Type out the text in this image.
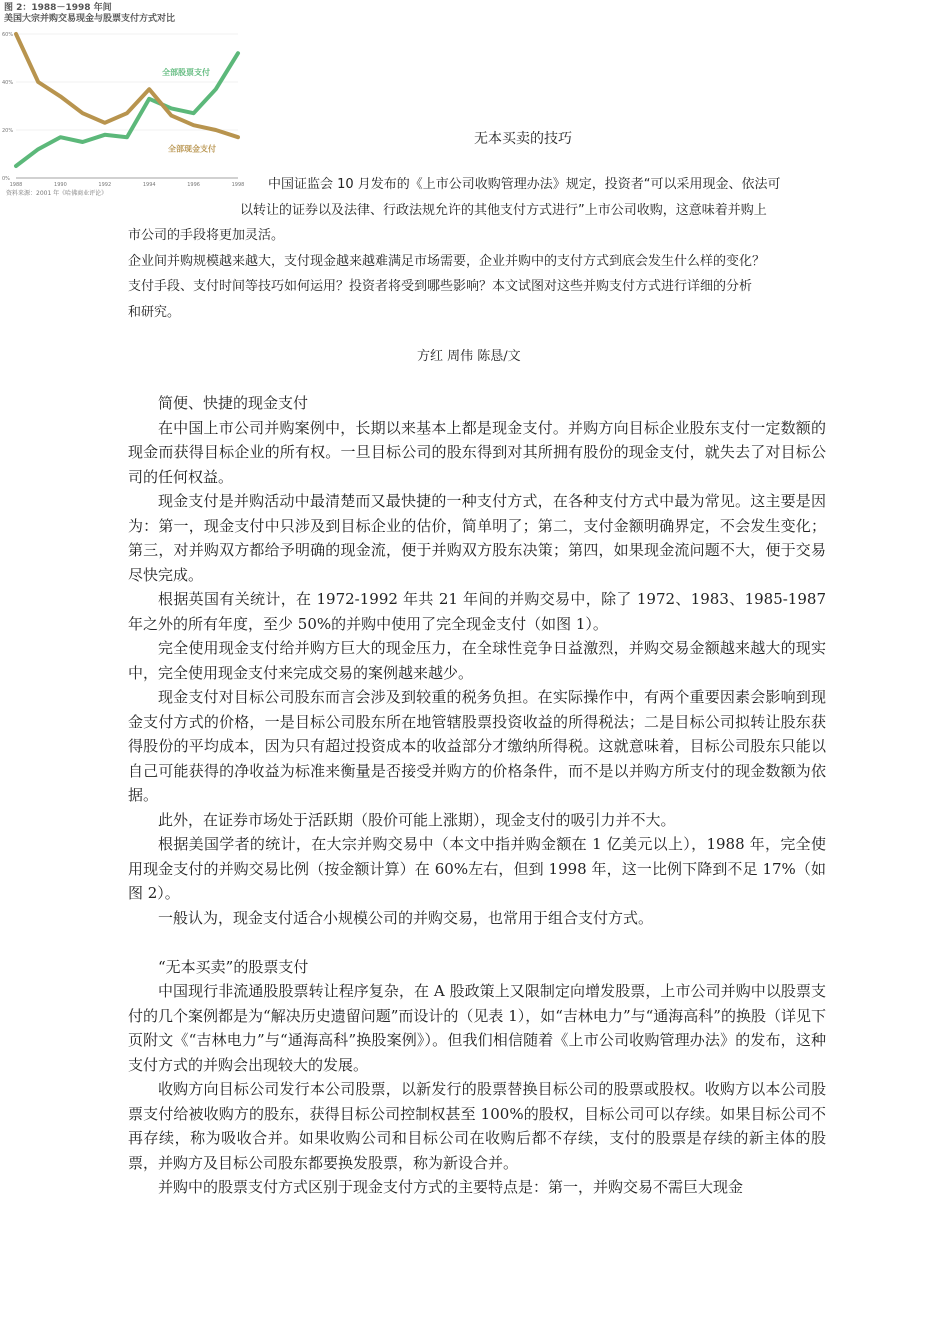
图 2：1988－1998 年间
美国大宗并购交易现金与股票支付方式对比
0%
20%
40%
60%
1988	1990	1992	1994	1996	1998
全部股票支付
全部现金支付
资料来源：2001 年《哈佛商业评论》
无本买卖的技巧
中国证监会 10 月发布的《上市公司收购管理办法》规定，投资者“可以采用现金、依法可
以转让的证券以及法律、行政法规允许的其他支付方式进行”上市公司收购，这意味着并购上
市公司的手段将更加灵活。
企业间并购规模越来越大，支付现金越来越难满足市场需要，企业并购中的支付方式到底会发生什么样的变化？
支付手段、支付时间等技巧如何运用？投资者将受到哪些影响？本文试图对这些并购支付方式进行详细的分析
和研究。
方红 周伟 陈恳/文
简便、快捷的现金支付

在中国上市公司并购案例中，长期以来基本上都是现金支付。并购方向目标企业股东支付一定数额的现金而获得目标企业的所有权。一旦目标公司的股东得到对其所拥有股份的现金支付，就失去了对目标公司的任何权益。

现金支付是并购活动中最清楚而又最快捷的一种支付方式，在各种支付方式中最为常见。这主要是因为：第一，现金支付中只涉及到目标企业的估价，简单明了；第二，支付金额明确界定，不会发生变化；第三，对并购双方都给予明确的现金流，便于并购双方股东决策；第四，如果现金流问题不大，便于交易尽快完成。

根据英国有关统计，在 1972-1992 年共 21 年间的并购交易中，除了 1972、1983、1985-1987 年之外的所有年度，至少 50%的并购中使用了完全现金支付（如图 1）。

完全使用现金支付给并购方巨大的现金压力，在全球性竞争日益激烈，并购交易金额越来越大的现实中，完全使用现金支付来完成交易的案例越来越少。

现金支付对目标公司股东而言会涉及到较重的税务负担。在实际操作中，有两个重要因素会影响到现金支付方式的价格，一是目标公司股东所在地管辖股票投资收益的所得税法；二是目标公司拟转让股东获得股份的平均成本，因为只有超过投资成本的收益部分才缴纳所得税。这就意味着，目标公司股东只能以自己可能获得的净收益为标准来衡量是否接受并购方的价格条件，而不是以并购方所支付的现金数额为依据。

此外，在证券市场处于活跃期（股价可能上涨期），现金支付的吸引力并不大。

根据美国学者的统计，在大宗并购交易中（本文中指并购金额在 1 亿美元以上），1988 年，完全使用现金支付的并购交易比例（按金额计算）在 60%左右，但到 1998 年，这一比例下降到不足 17%（如图 2）。

一般认为，现金支付适合小规模公司的并购交易，也常用于组合支付方式。

“无本买卖”的股票支付

中国现行非流通股股票转让程序复杂，在 A 股政策上又限制定向增发股票，上市公司并购中以股票支付的几个案例都是为“解决历史遗留问题”而设计的（见表 1），如“吉林电力”与“通海高科”的换股（详见下页附文《“吉林电力”与“通海高科”换股案例》）。但我们相信随着《上市公司收购管理办法》的发布，这种支付方式的并购会出现较大的发展。

收购方向目标公司发行本公司股票，以新发行的股票替换目标公司的股票或股权。收购方以本公司股票支付给被收购方的股东，获得目标公司控制权甚至 100%的股权，目标公司可以存续。如果目标公司不再存续，称为吸收合并。如果收购公司和目标公司在收购后都不存续，支付的股票是存续的新主体的股票，并购方及目标公司股东都要换发股票，称为新设合并。

并购中的股票支付方式区别于现金支付方式的主要特点是：第一，并购交易不需巨大现金
